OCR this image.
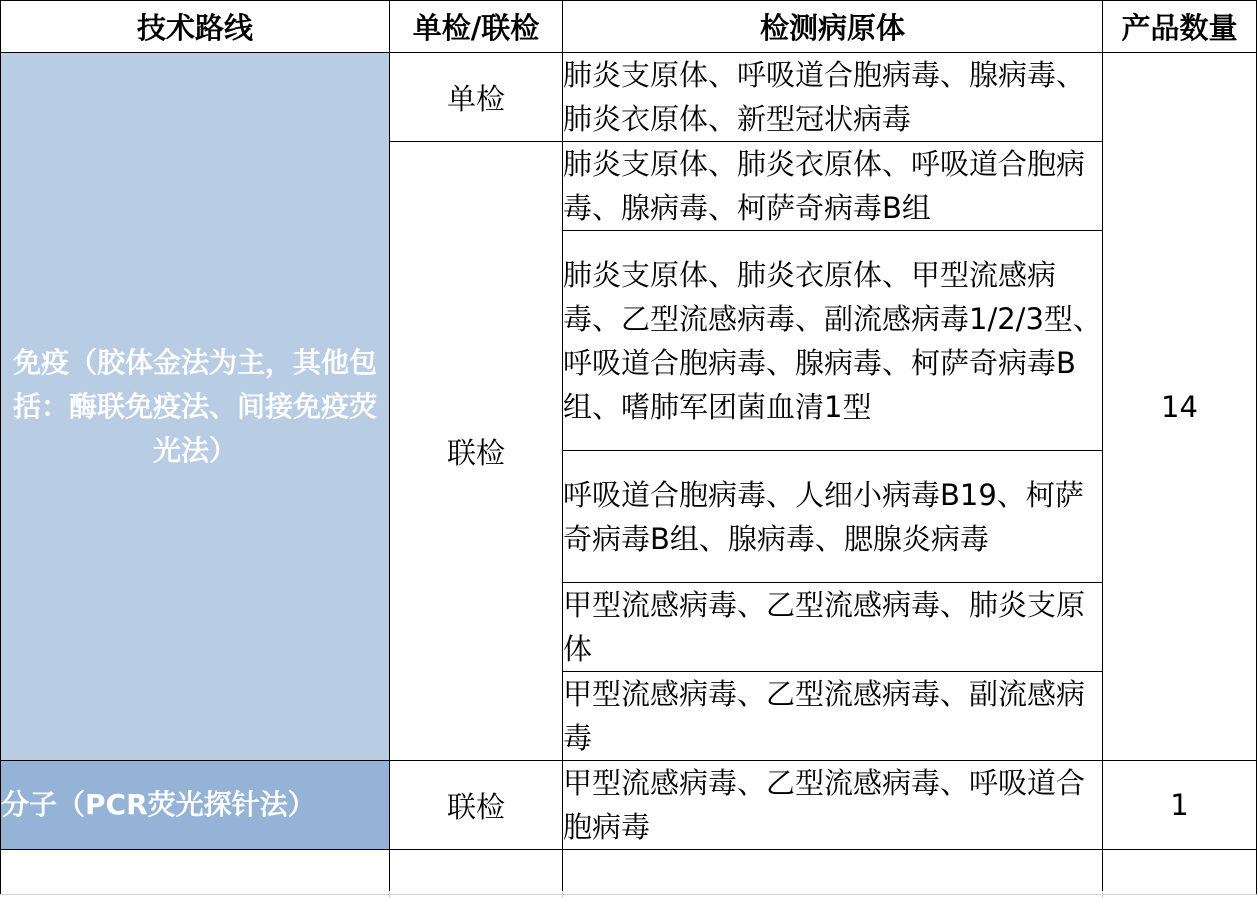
技术路线	单检/联检	检测病原体	产品数量
免疫（胶体金法为主，其他包括：酶联免疫法、间接免疫荧光法）	单检	肺炎支原体、呼吸道合胞病毒、腺病毒、肺炎衣原体、新型冠状病毒	14
	联检	肺炎支原体、肺炎衣原体、呼吸道合胞病毒、腺病毒、柯萨奇病毒B组	
		肺炎支原体、肺炎衣原体、甲型流感病毒、乙型流感病毒、副流感病毒1/2/3型、呼吸道合胞病毒、腺病毒、柯萨奇病毒B组、嗜肺军团菌血清1型	
		呼吸道合胞病毒、人细小病毒B19、柯萨奇病毒B组、腺病毒、腮腺炎病毒	
		甲型流感病毒、乙型流感病毒、肺炎支原体	
		甲型流感病毒、乙型流感病毒、副流感病毒	

分子（PCR荧光探针法）	联检	甲型流感病毒、乙型流感病毒、呼吸道合胞病毒	1
